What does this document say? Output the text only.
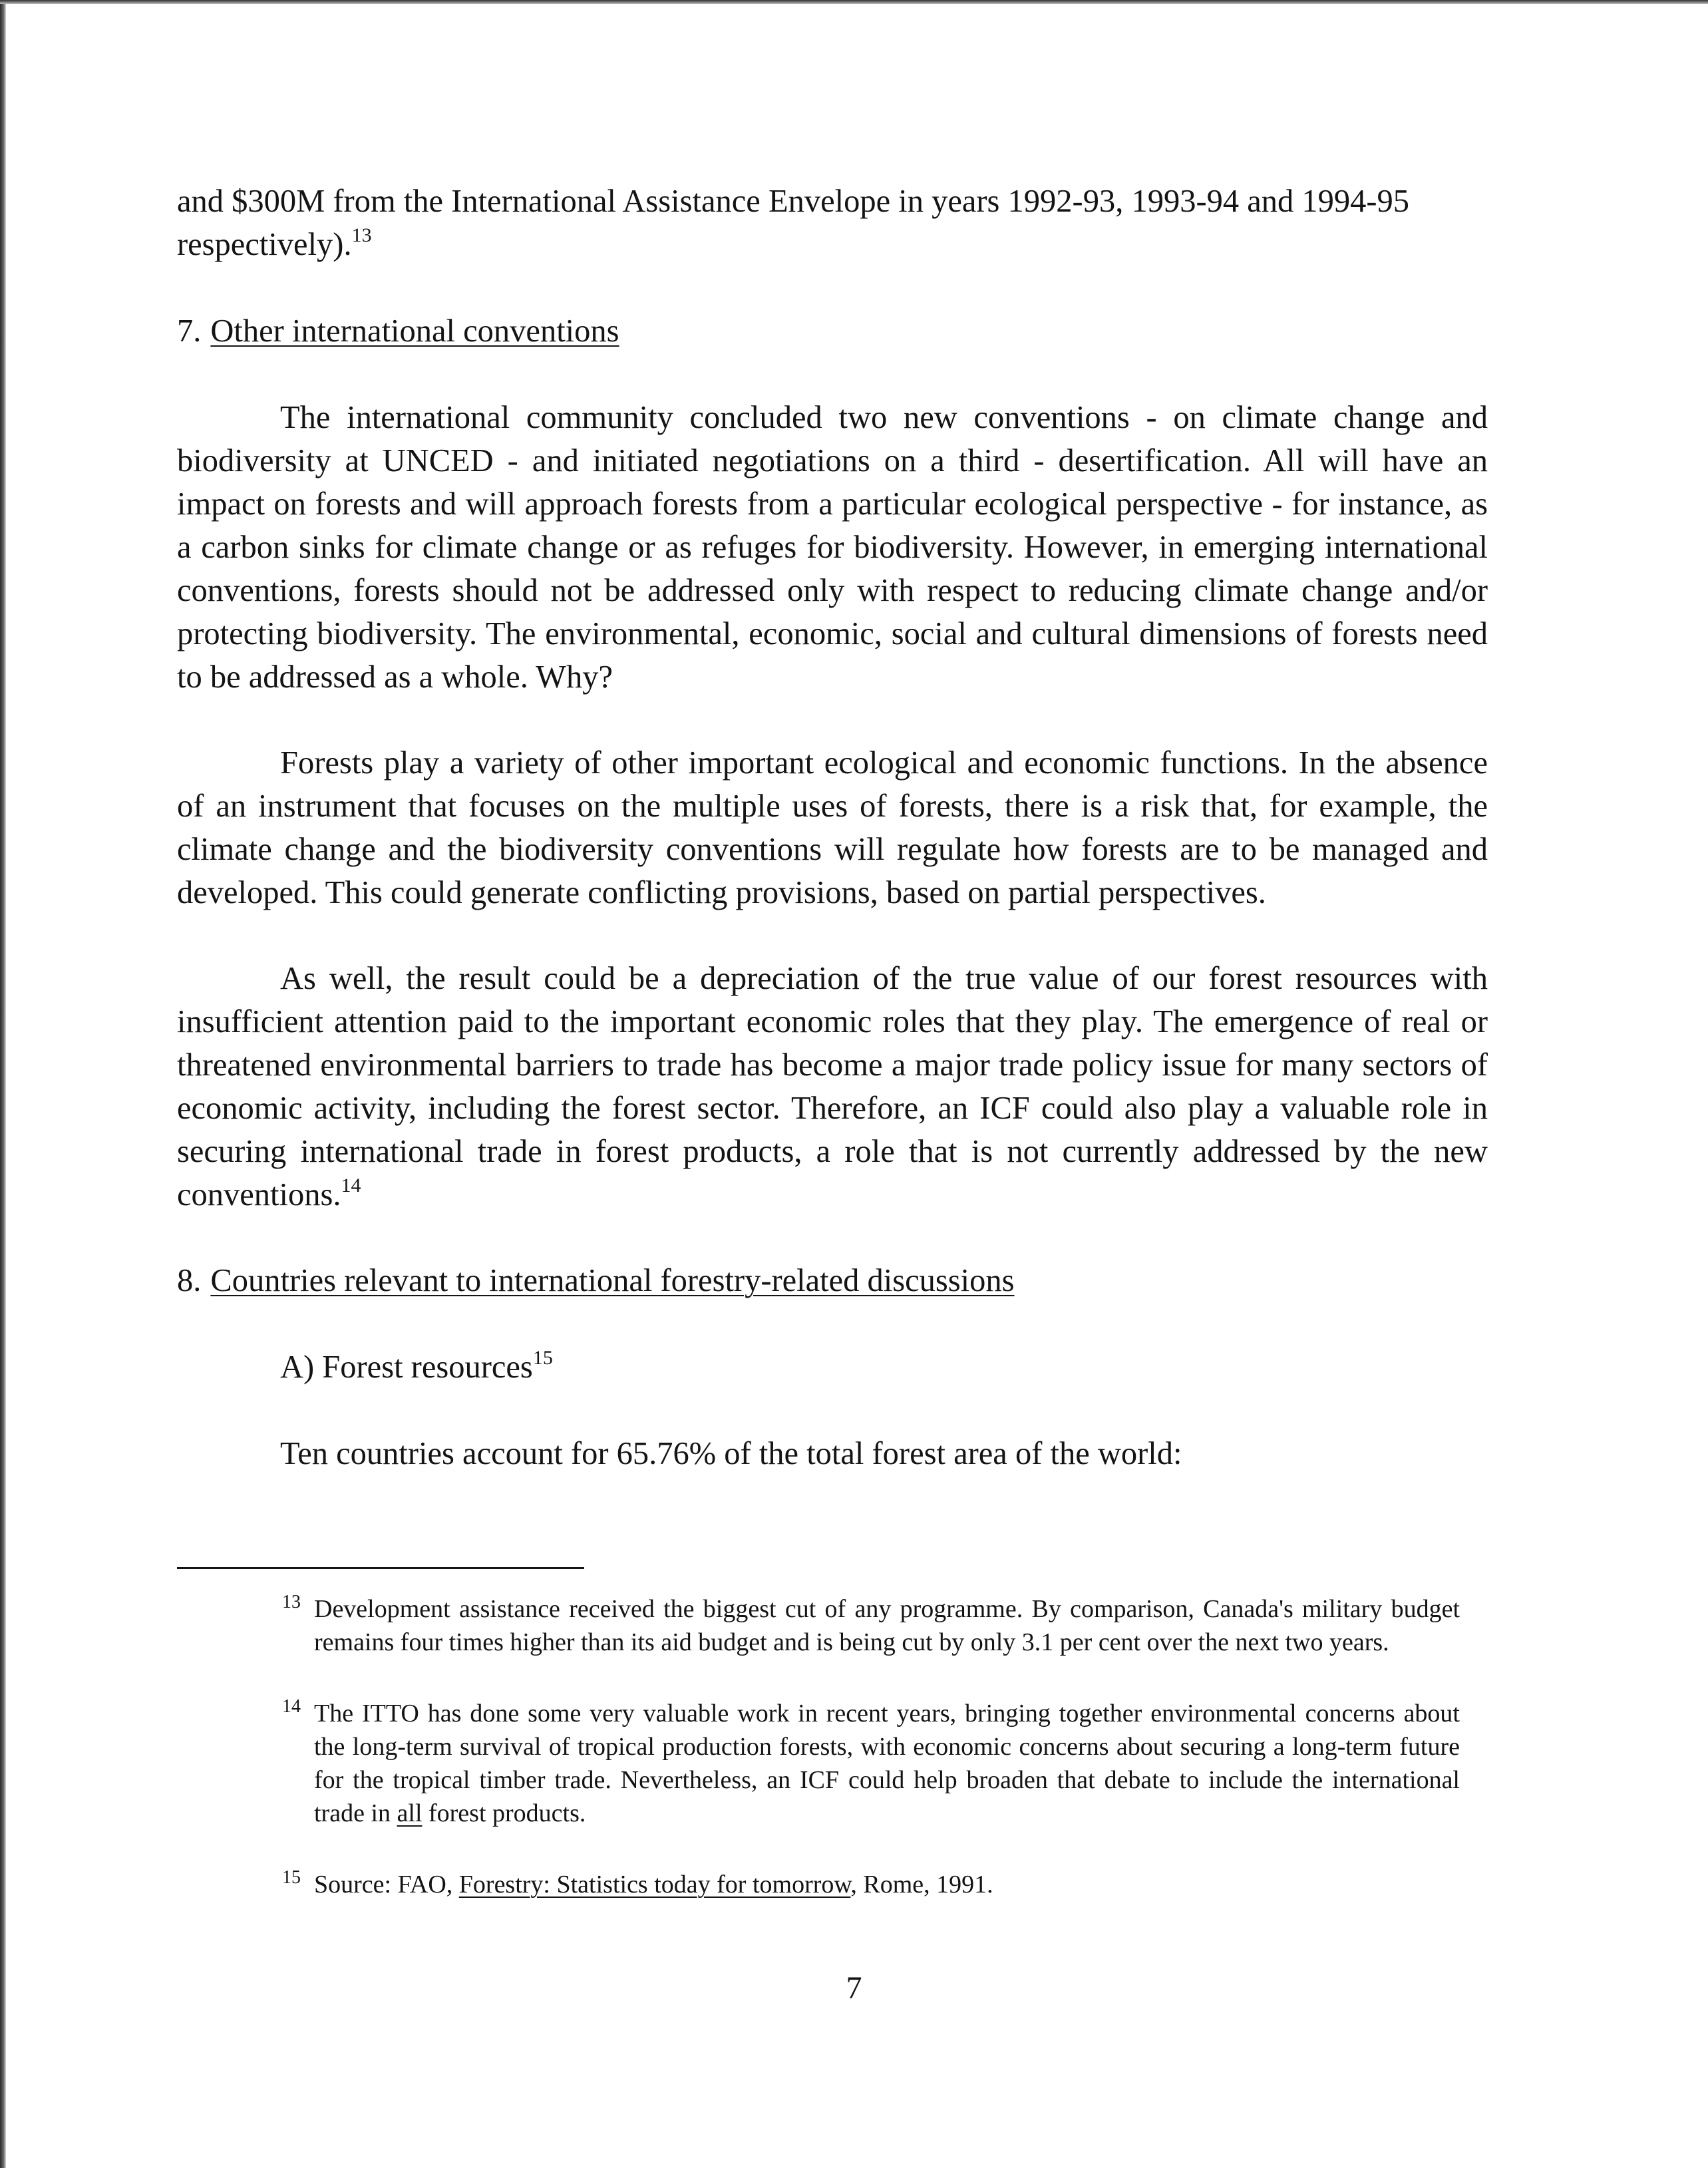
and $300M from the International Assistance Envelope in years 1992-93, 1993-94 and 1994-95 respectively).$^{13}$

7. Other international conventions

The international community concluded two new conventions - on climate change and biodiversity at UNCED - and initiated negotiations on a third - desertification. All will have an impact on forests and will approach forests from a particular ecological perspective - for instance, as a carbon sinks for climate change or as refuges for biodiversity. However, in emerging international conventions, forests should not be addressed only with respect to reducing climate change and/or protecting biodiversity. The environmental, economic, social and cultural dimensions of forests need to be addressed as a whole. Why?

Forests play a variety of other important ecological and economic functions. In the absence of an instrument that focuses on the multiple uses of forests, there is a risk that, for example, the climate change and the biodiversity conventions will regulate how forests are to be managed and developed. This could generate conflicting provisions, based on partial perspectives.

As well, the result could be a depreciation of the true value of our forest resources with insufficient attention paid to the important economic roles that they play. The emergence of real or threatened environmental barriers to trade has become a major trade policy issue for many sectors of economic activity, including the forest sector. Therefore, an ICF could also play a valuable role in securing international trade in forest products, a role that is not currently addressed by the new conventions.$^{14}$

8. Countries relevant to international forestry-related discussions

A) Forest resources$^{15}$

Ten countries account for 65.76% of the total forest area of the world:

13 Development assistance received the biggest cut of any programme. By comparison, Canada's military budget remains four times higher than its aid budget and is being cut by only 3.1 per cent over the next two years.

14 The ITTO has done some very valuable work in recent years, bringing together environmental concerns about the long-term survival of tropical production forests, with economic concerns about securing a long-term future for the tropical timber trade. Nevertheless, an ICF could help broaden that debate to include the international trade in all forest products.

15 Source: FAO, Forestry: Statistics today for tomorrow, Rome, 1991.

7
